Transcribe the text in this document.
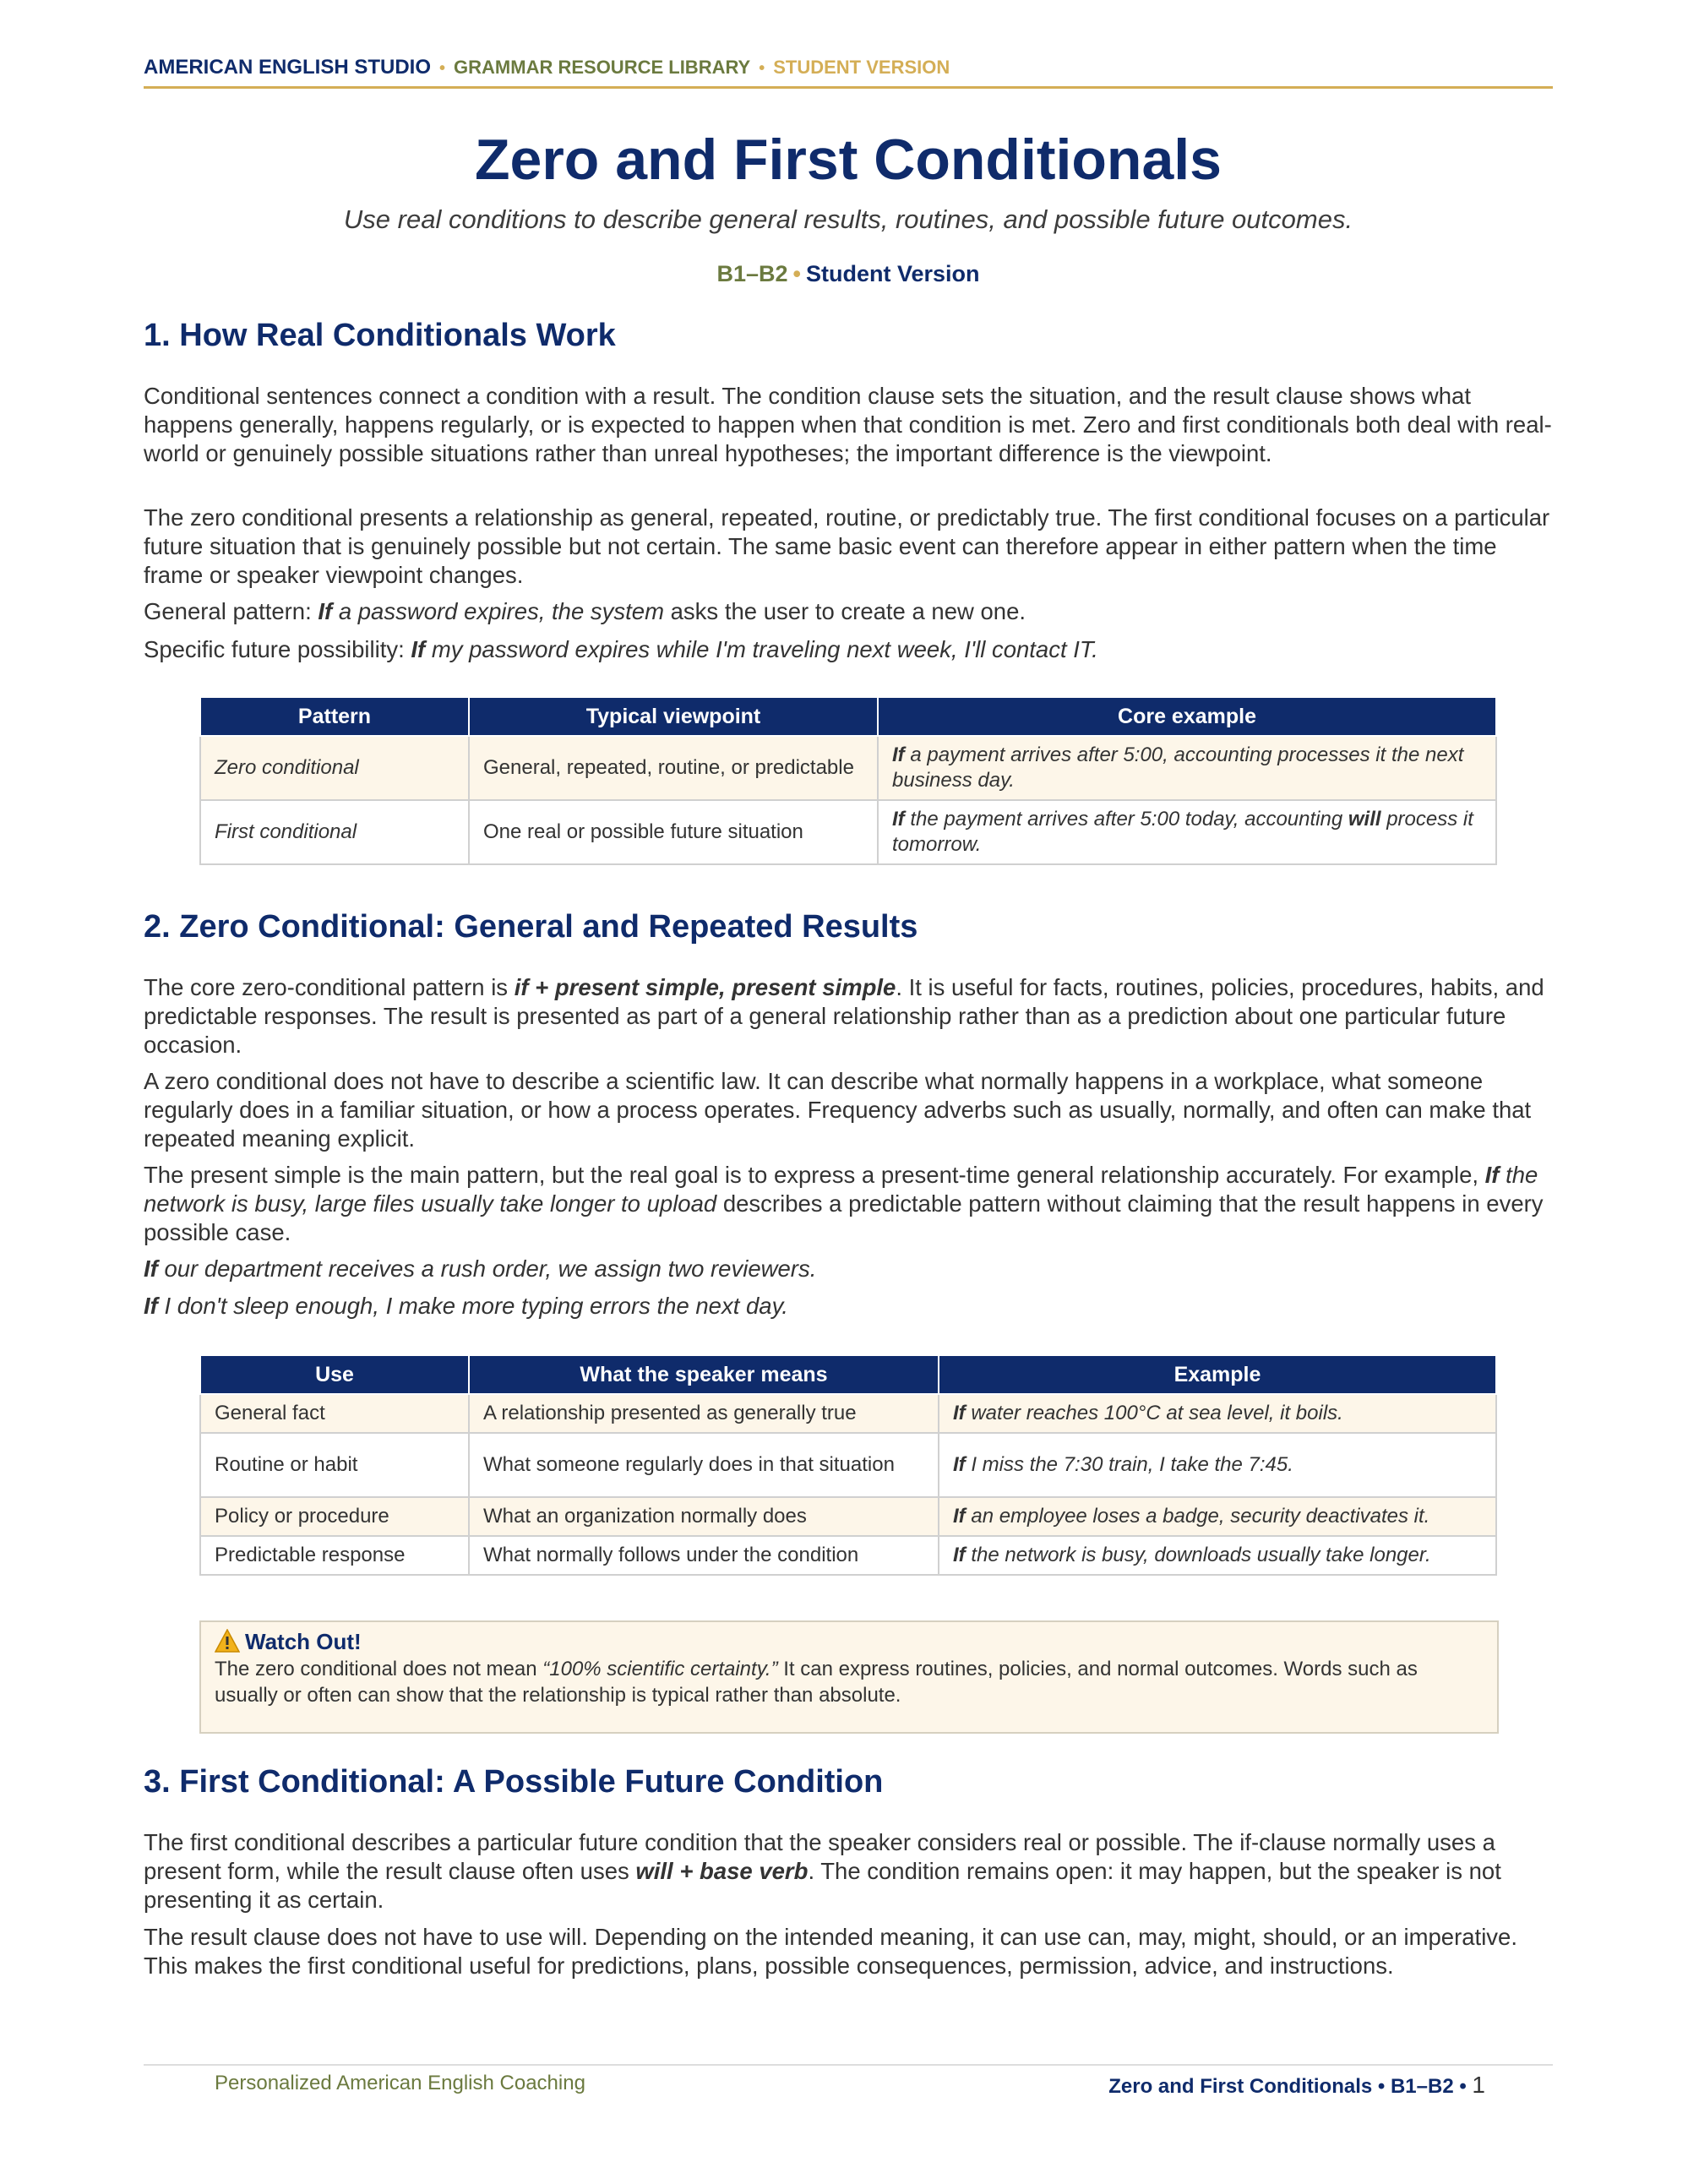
AMERICAN ENGLISH STUDIO • GRAMMAR RESOURCE LIBRARY • STUDENT VERSION
Zero and First Conditionals
Use real conditions to describe general results, routines, and possible future outcomes.
B1–B2 • Student Version
1. How Real Conditionals Work

Conditional sentences connect a condition with a result. The condition clause sets the situation, and the result clause shows what happens generally, happens regularly, or is expected to happen when that condition is met. Zero and first conditionals both deal with real-world or genuinely possible situations rather than unreal hypotheses; the important difference is the viewpoint.

The zero conditional presents a relationship as general, repeated, routine, or predictably true. The first conditional focuses on a particular future situation that is genuinely possible but not certain. The same basic event can therefore appear in either pattern when the time frame or speaker viewpoint changes.

General pattern: If a password expires, the system asks the user to create a new one.

Specific future possibility: If my password expires while I'm traveling next week, I'll contact IT.

Pattern	Typical viewpoint	Core example
Zero conditional	General, repeated, routine, or predictable	If a payment arrives after 5:00, accounting processes it the next business day.
First conditional	One real or possible future situation	If the payment arrives after 5:00 today, accounting will process it tomorrow.
2. Zero Conditional: General and Repeated Results

The core zero-conditional pattern is if + present simple, present simple. It is useful for facts, routines, policies, procedures, habits, and predictable responses. The result is presented as part of a general relationship rather than as a prediction about one particular future occasion.

A zero conditional does not have to describe a scientific law. It can describe what normally happens in a workplace, what someone regularly does in a familiar situation, or how a process operates. Frequency adverbs such as usually, normally, and often can make that repeated meaning explicit.

The present simple is the main pattern, but the real goal is to express a present-time general relationship accurately. For example, If the network is busy, large files usually take longer to upload describes a predictable pattern without claiming that the result happens in every possible case.

If our department receives a rush order, we assign two reviewers.

If I don't sleep enough, I make more typing errors the next day.

Use	What the speaker means	Example
General fact	A relationship presented as generally true	If water reaches 100°C at sea level, it boils.
Routine or habit	What someone regularly does in that situation	If I miss the 7:30 train, I take the 7:45.
Policy or procedure	What an organization normally does	If an employee loses a badge, security deactivates it.
Predictable response	What normally follows under the condition	If the network is busy, downloads usually take longer.
Watch Out!
The zero conditional does not mean “100% scientific certainty.” It can express routines, policies, and normal outcomes. Words such as usually or often can show that the relationship is typical rather than absolute.
3. First Conditional: A Possible Future Condition

The first conditional describes a particular future condition that the speaker considers real or possible. The if-clause normally uses a present form, while the result clause often uses will + base verb. The condition remains open: it may happen, but the speaker is not presenting it as certain.

The result clause does not have to use will. Depending on the intended meaning, it can use can, may, might, should, or an imperative. This makes the first conditional useful for predictions, plans, possible consequences, permission, advice, and instructions.

Personalized American English Coaching	Zero and First Conditionals • B1–B2 • 1
